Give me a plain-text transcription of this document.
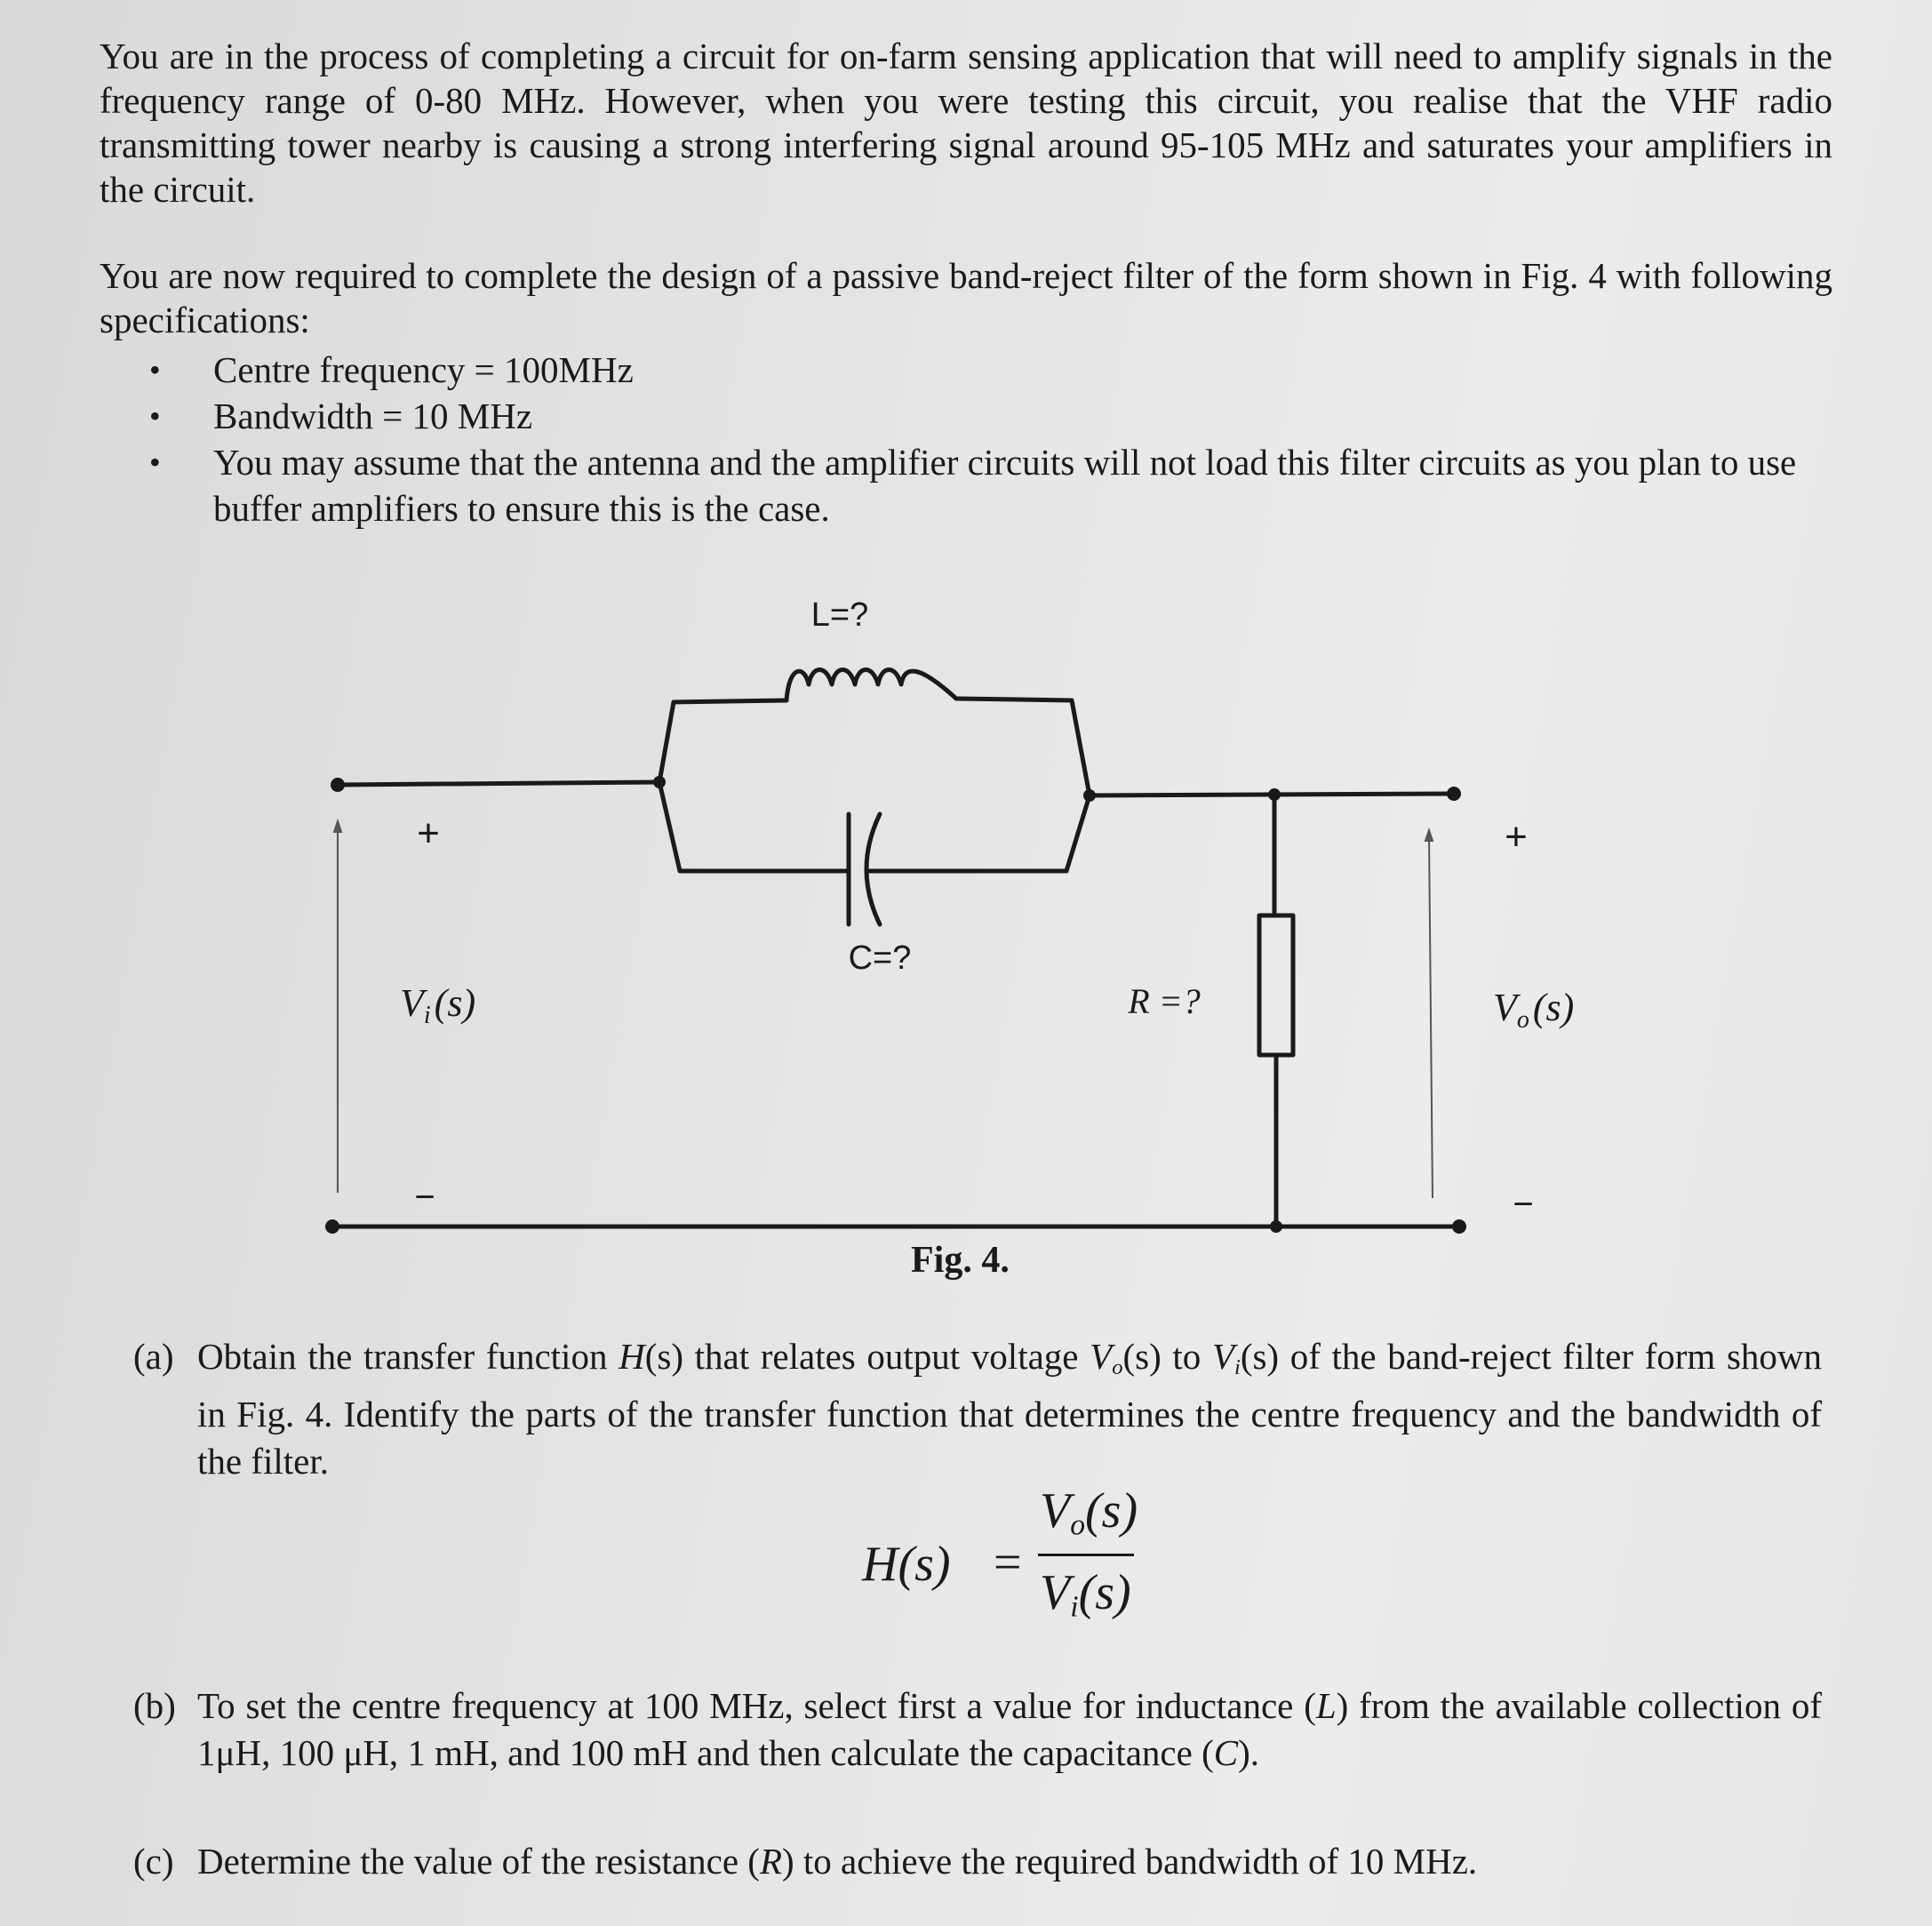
You are in the process of completing a circuit for on-farm sensing application that will need to amplify signals in the frequency range of 0-80 MHz. However, when you were testing this circuit, you realise that the VHF radio transmitting tower nearby is causing a strong interfering signal around 95-105 MHz and saturates your amplifiers in the circuit.
You are now required to complete the design of a passive band-reject filter of the form shown in Fig. 4 with following specifications:
• Centre frequency = 100MHz
• Bandwidth = 10 MHz
• You may assume that the antenna and the amplifier circuits will not load this filter circuits as you plan to use buffer amplifiers to ensure this is the case.
L=?
C=?
R =?
+
−
+
−
Vi(s)	Vo(s)
Fig. 4.
(a) Obtain the transfer function H(s) that relates output voltage $V_o(s)$ to $V_i(s)$ of the band-reject filter form shown in Fig. 4. Identify the parts of the transfer function that determines the centre frequency and the bandwidth of the filter.
H(s) =
$V_o(s)$
$V_i(s)$
(b) To set the centre frequency at 100 MHz, select first a value for inductance (L) from the available collection of 1μH, 100 μH, 1 mH, and 100 mH and then calculate the capacitance (C).
(c) Determine the value of the resistance (R) to achieve the required bandwidth of 10 MHz.
